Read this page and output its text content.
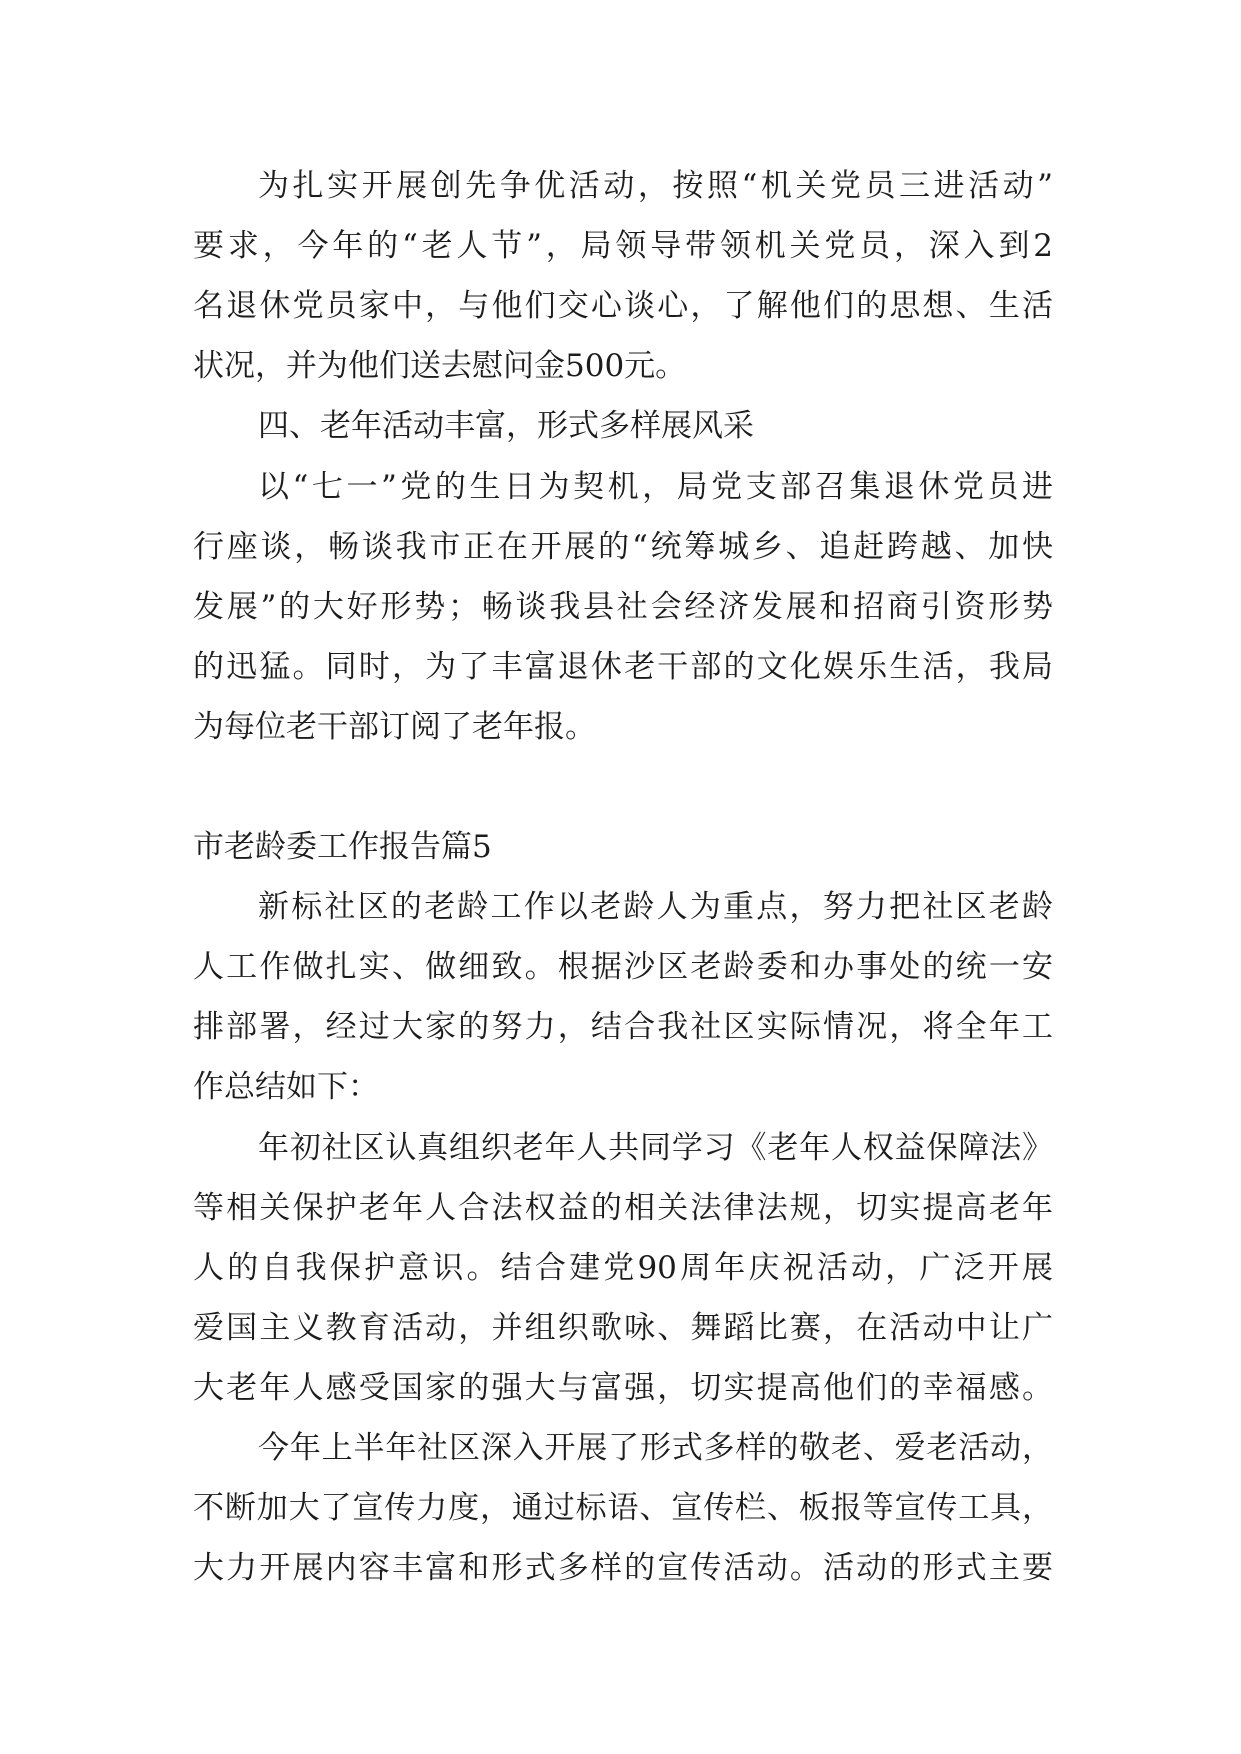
为扎实开展创先争优活动，按照“机关党员三进活动”

要求，今年的“老人节”，局领导带领机关党员，深入到2

名退休党员家中，与他们交心谈心，了解他们的思想、生活

状况，并为他们送去慰问金500元。

四、老年活动丰富，形式多样展风采

以“七一”党的生日为契机，局党支部召集退休党员进

行座谈，畅谈我市正在开展的“统筹城乡、追赶跨越、加快

发展”的大好形势；畅谈我县社会经济发展和招商引资形势

的迅猛。同时，为了丰富退休老干部的文化娱乐生活，我局

为每位老干部订阅了老年报。

市老龄委工作报告篇5

新标社区的老龄工作以老龄人为重点，努力把社区老龄

人工作做扎实、做细致。根据沙区老龄委和办事处的统一安

排部署，经过大家的努力，结合我社区实际情况，将全年工

作总结如下：

年初社区认真组织老年人共同学习《老年人权益保障法》

等相关保护老年人合法权益的相关法律法规，切实提高老年

人的自我保护意识。结合建党90周年庆祝活动，广泛开展

爱国主义教育活动，并组织歌咏、舞蹈比赛，在活动中让广

大老年人感受国家的强大与富强，切实提高他们的幸福感。

今年上半年社区深入开展了形式多样的敬老、爱老活动，

不断加大了宣传力度，通过标语、宣传栏、板报等宣传工具，

大力开展内容丰富和形式多样的宣传活动。活动的形式主要
